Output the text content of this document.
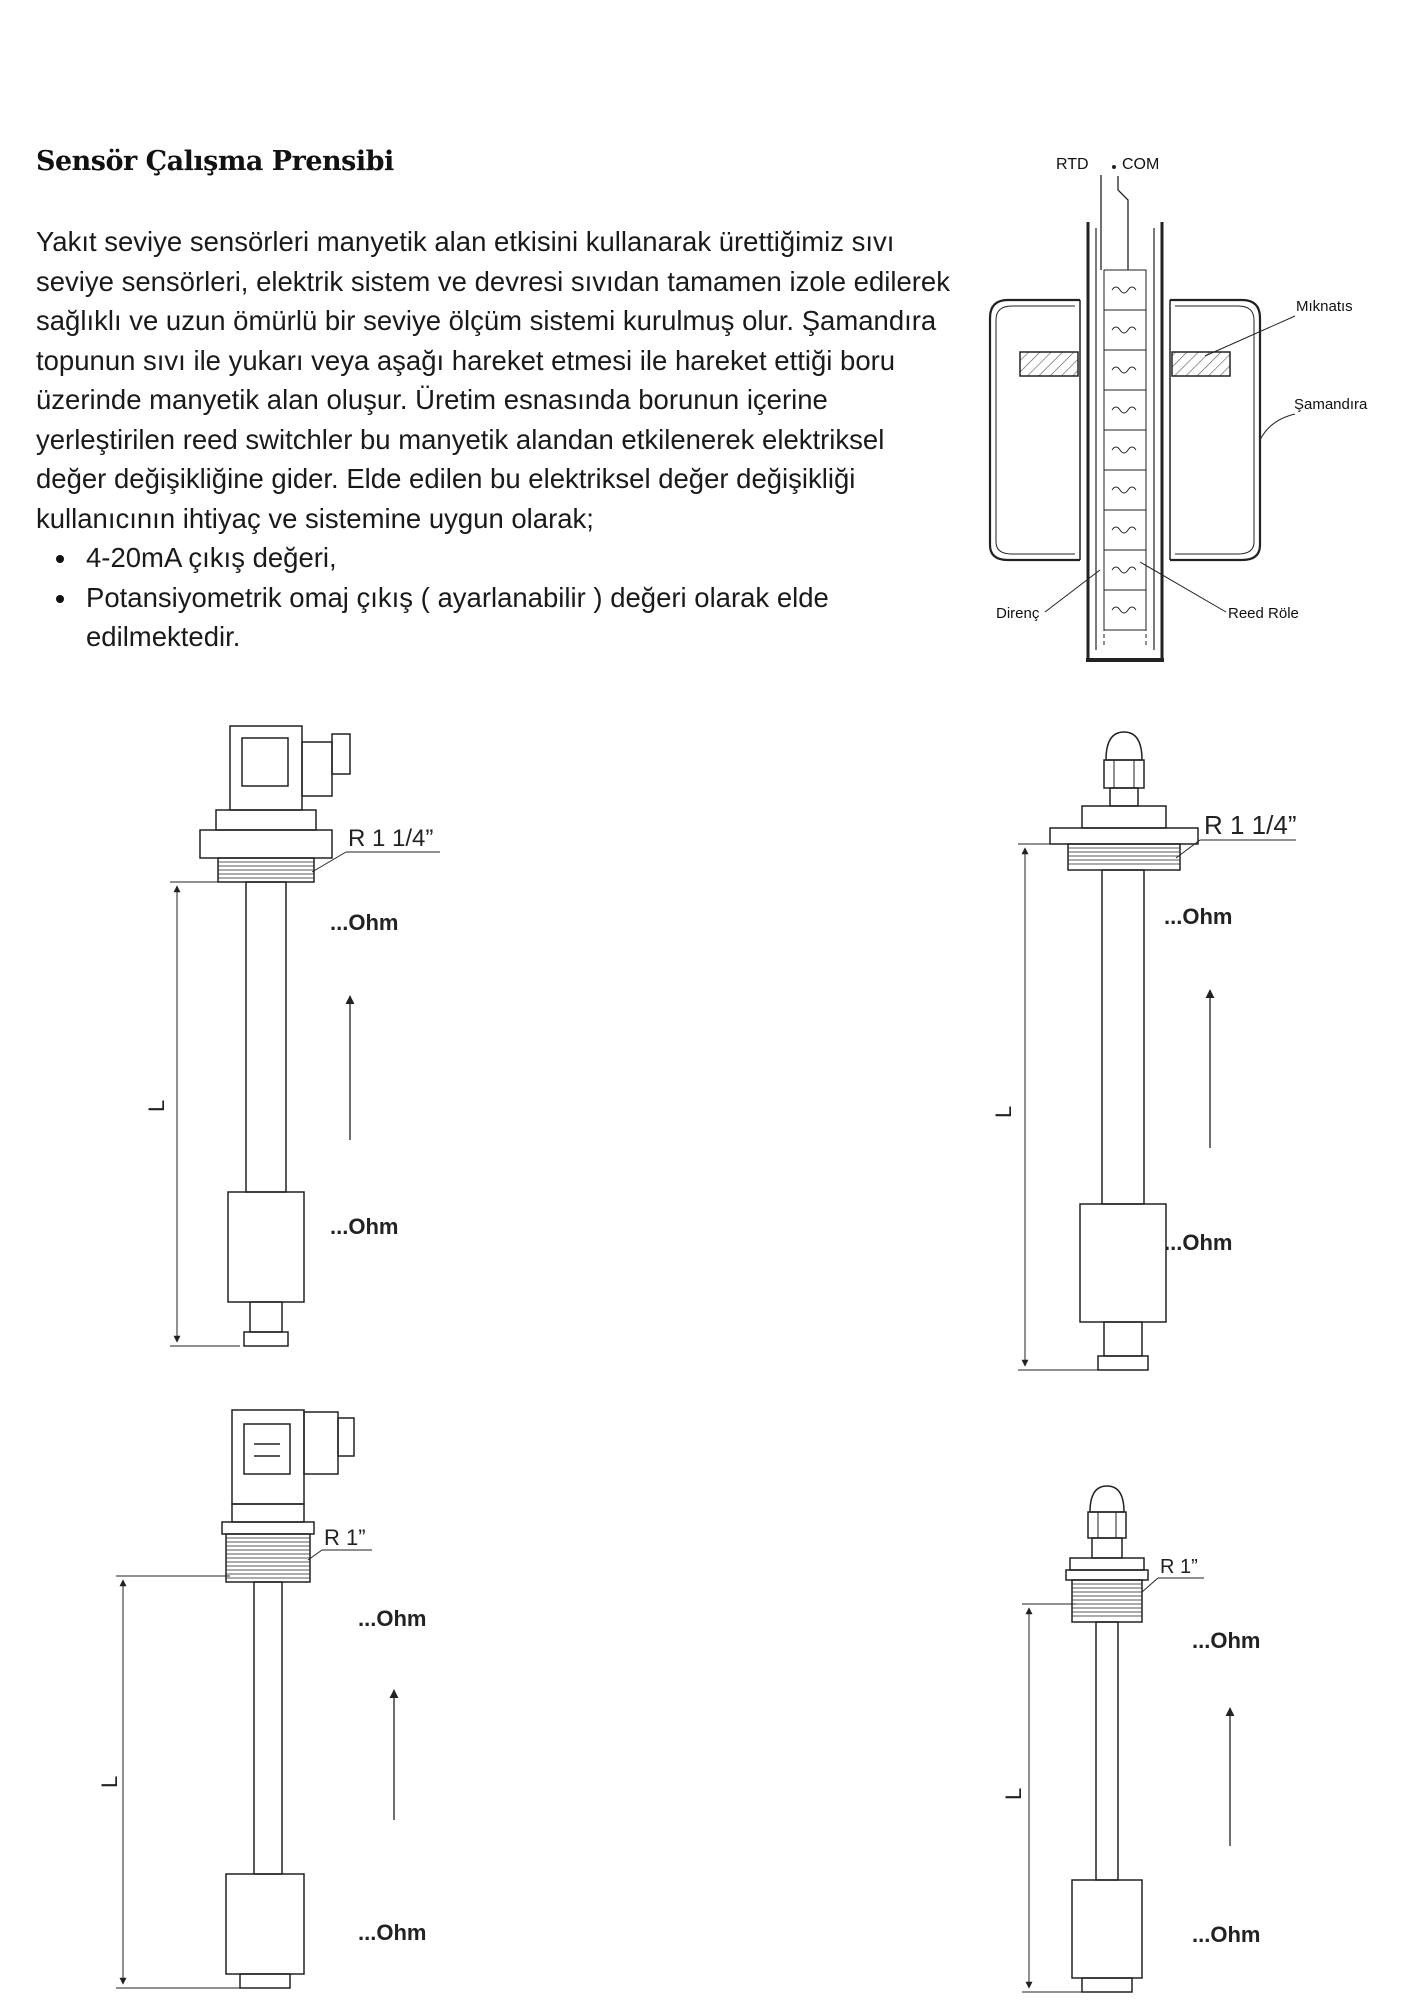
Sensör Çalışma Prensibi

Yakıt seviye sensörleri manyetik alan etkisini kullanarak ürettiğimiz sıvı seviye sensörleri, elektrik sistem ve devresi sıvıdan tamamen izole edilerek sağlıklı ve uzun ömürlü bir seviye ölçüm sistemi kurulmuş olur. Şamandıra topunun sıvı ile yukarı veya aşağı hareket etmesi ile hareket ettiği boru üzerinde manyetik alan oluşur. Üretim esnasında borunun içerine yerleştirilen reed switchler bu manyetik alandan etkilenerek elektriksel değer değişikliğine gider. Elde edilen bu elektriksel değer değişikliği kullanıcının ihtiyaç ve sistemine uygun olarak;

4-20mA çıkış değeri,
Potansiyometrik omaj çıkış ( ayarlanabilir ) değeri olarak elde edilmektedir.
RTD COM
Mıknatıs
Şamandıra
Direnç	Reed Röle
R 1 1/4”
...Ohm
...Ohm
L
R 1 1/4”
...Ohm
...Ohm
L
R 1”
...Ohm
...Ohm
L
R 1”
...Ohm
...Ohm
L
